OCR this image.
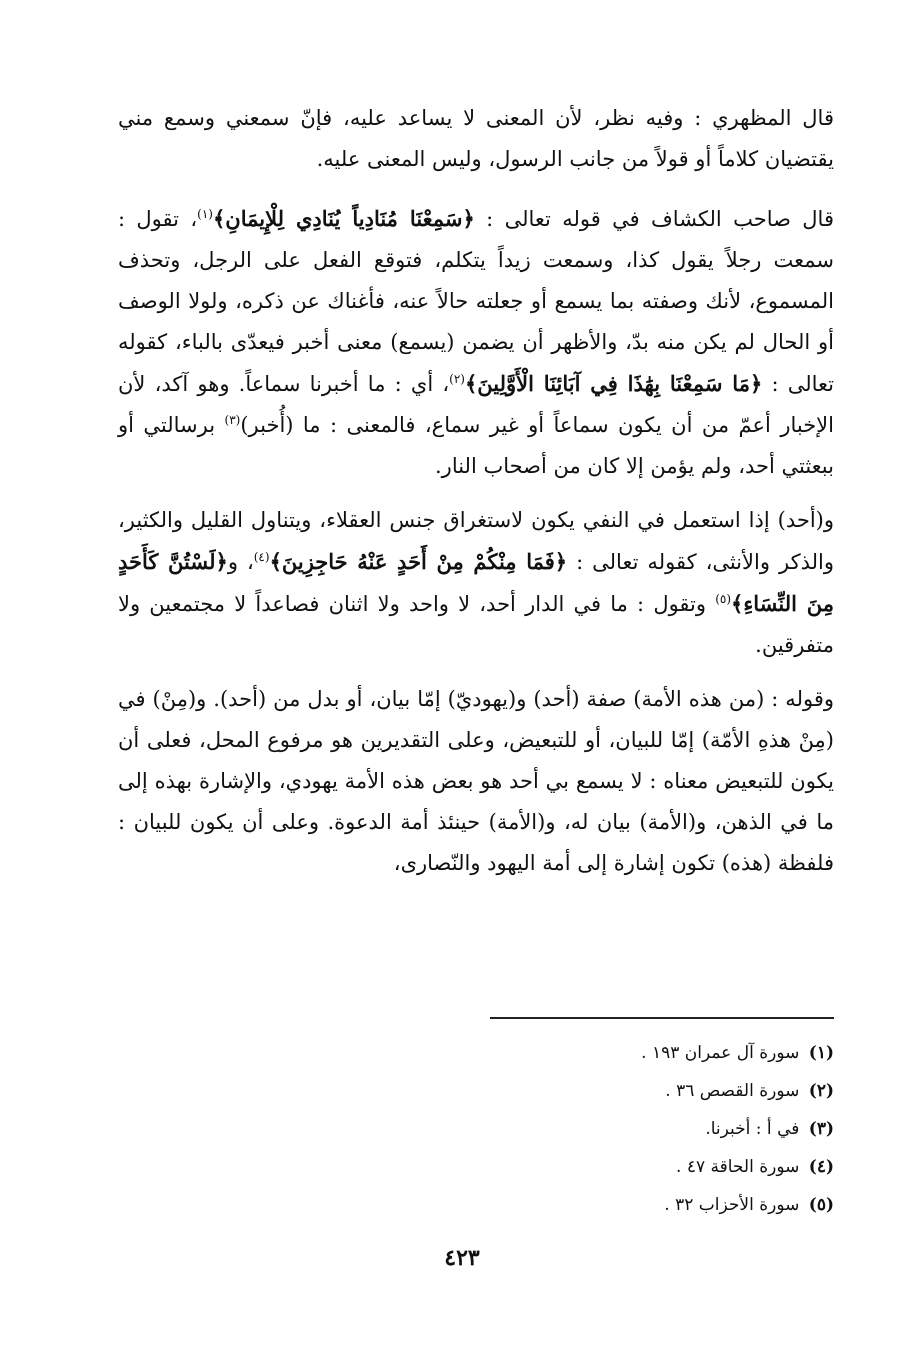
قال المظهري : وفيه نظر، لأن المعنى لا يساعد عليه، فإنّ سمعني وسمع مني يقتضيان كلاماً أو قولاً من جانب الرسول، وليس المعنى عليه.

قال صاحب الكشاف في قوله تعالى : ﴿سَمِعْنَا مُنَادِياً يُنَادِي لِلْإِيمَانِ﴾$^{(١)}$، تقول : سمعت رجلاً يقول كذا، وسمعت زيداً يتكلم، فتوقع الفعل على الرجل، وتحذف المسموع، لأنك وصفته بما يسمع أو جعلته حالاً عنه، فأغناك عن ذكره، ولولا الوصف أو الحال لم يكن منه بدّ، والأظهر أن يضمن (يسمع) معنى أخبر فيعدّى بالباء، كقوله تعالى : ﴿مَا سَمِعْنَا بِهَٰذَا فِي آبَائِنَا الْأَوَّلِينَ﴾$^{(٢)}$، أي : ما أخبرنا سماعاً. وهو آكد، لأن الإخبار أعمّ من أن يكون سماعاً أو غير سماع، فالمعنى : ما (أُخبر)$^{(٣)}$ برسالتي أو ببعثتي أحد، ولم يؤمن إلا كان من أصحاب النار.

و(أحد) إذا استعمل في النفي يكون لاستغراق جنس العقلاء، ويتناول القليل والكثير، والذكر والأنثى، كقوله تعالى : ﴿فَمَا مِنْكُمْ مِنْ أَحَدٍ عَنْهُ حَاجِزِينَ﴾$^{(٤)}$، و﴿لَسْتُنَّ كَأَحَدٍ مِنَ النِّسَاءِ﴾$^{(٥)}$ وتقول : ما في الدار أحد، لا واحد ولا اثنان فصاعداً لا مجتمعين ولا متفرقين.

وقوله : (من هذه الأمة) صفة (أحد) و(يهوديّ) إمّا بيان، أو بدل من (أحد). و(مِنْ) في (مِنْ هذهِ الأمّة) إمّا للبيان، أو للتبعيض، وعلى التقديرين هو مرفوع المحل، فعلى أن يكون للتبعيض معناه : لا يسمع بي أحد هو بعض هذه الأمة يهودي، والإشارة بهذه إلى ما في الذهن، و(الأمة) بيان له، و(الأمة) حينئذ أمة الدعوة. وعلى أن يكون للبيان : فلفظة (هذه) تكون إشارة إلى أمة اليهود والنّصارى،

(١) سورة آل عمران ١٩٣ .
(٢) سورة القصص ٣٦ .
(٣) في أ : أخبرنا.
(٤) سورة الحاقة ٤٧ .
(٥) سورة الأحزاب ٣٢ .
٤٢٣
